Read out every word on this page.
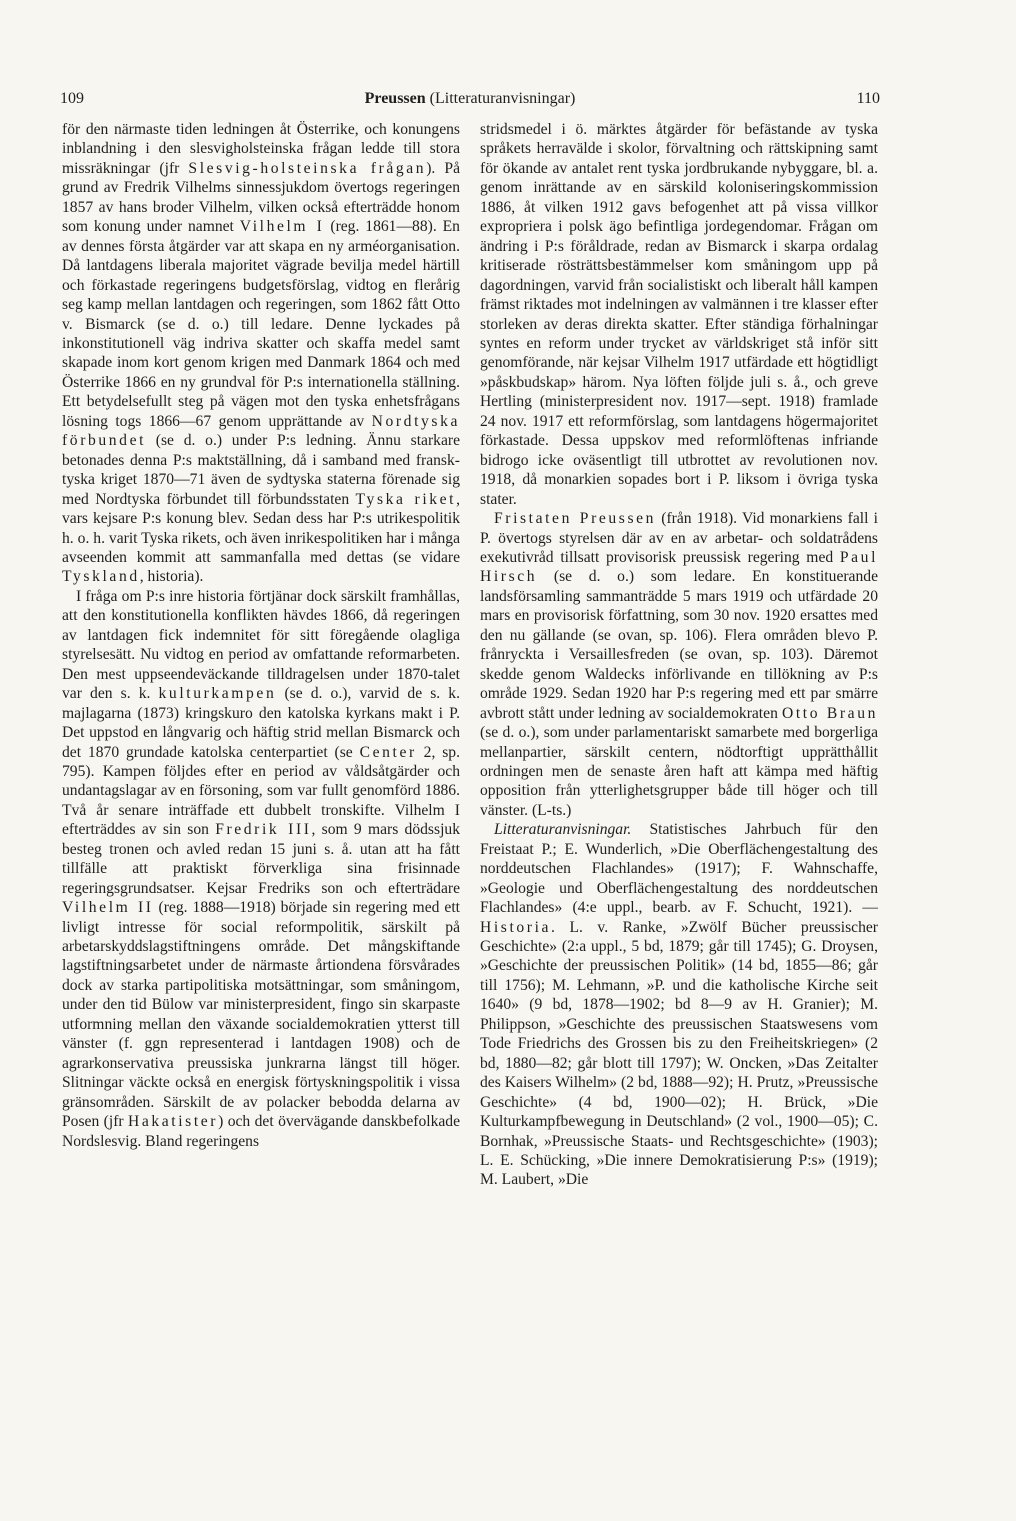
109	Preussen (Litteraturanvisningar)	110

för den närmaste tiden ledningen åt Österrike, och konungens inblandning i den slesvigholsteinska frågan ledde till stora missräkningar (jfr Slesvig-holsteinska frågan). På grund av Fredrik Vilhelms sinnessjukdom övertogs regeringen 1857 av hans broder Vilhelm, vilken också efterträdde honom som konung under namnet Vilhelm I (reg. 1861—88). En av dennes första åtgärder var att skapa en ny arméorganisation. Då lantdagens liberala majoritet vägrade bevilja medel härtill och förkastade regeringens budgetsförslag, vidtog en flerårig seg kamp mellan lantdagen och regeringen, som 1862 fått Otto v. Bismarck (se d. o.) till ledare. Denne lyckades på inkonstitutionell väg indriva skatter och skaffa medel samt skapade inom kort genom krigen med Danmark 1864 och med Österrike 1866 en ny grundval för P:s internationella ställning. Ett betydelsefullt steg på vägen mot den tyska enhetsfrågans lösning togs 1866—67 genom upprättande av Nordtyska förbundet (se d. o.) under P:s ledning. Ännu starkare betonades denna P:s maktställning, då i samband med fransk-tyska kriget 1870—71 även de sydtyska staterna förenade sig med Nordtyska förbundet till förbundsstaten Tyska riket, vars kejsare P:s konung blev. Sedan dess har P:s utrikespolitik h. o. h. varit Tyska rikets, och även inrikespolitiken har i många avseenden kommit att sammanfalla med dettas (se vidare Tyskland, historia).

I fråga om P:s inre historia förtjänar dock särskilt framhållas, att den konstitutionella konflikten hävdes 1866, då regeringen av lantdagen fick indemnitet för sitt föregående olagliga styrelsesätt. Nu vidtog en period av omfattande reformarbeten. Den mest uppseendeväckande tilldragelsen under 1870-talet var den s. k. kulturkampen (se d. o.), varvid de s. k. majlagarna (1873) kringskuro den katolska kyrkans makt i P. Det uppstod en långvarig och häftig strid mellan Bismarck och det 1870 grundade katolska centerpartiet (se Center 2, sp. 795). Kampen följdes efter en period av våldsåtgärder och undantagslagar av en försoning, som var fullt genomförd 1886. Två år senare inträffade ett dubbelt tronskifte. Vilhelm I efterträddes av sin son Fredrik III, som 9 mars dödssjuk besteg tronen och avled redan 15 juni s. å. utan att ha fått tillfälle att praktiskt förverkliga sina frisinnade regeringsgrundsatser. Kejsar Fredriks son och efterträdare Vilhelm II (reg. 1888—1918) började sin regering med ett livligt intresse för social reformpolitik, särskilt på arbetarskyddslagstiftningens område. Det mångskiftande lagstiftningsarbetet under de närmaste årtiondena försvårades dock av starka partipolitiska motsättningar, som småningom, under den tid Bülow var ministerpresident, fingo sin skarpaste utformning mellan den växande socialdemokratien ytterst till vänster (f. ggn representerad i lantdagen 1908) och de agrarkonservativa preussiska junkrarna längst till höger. Slitningar väckte också en energisk förtyskningspolitik i vissa gränsområden. Särskilt de av polacker bebodda delarna av Posen (jfr Hakatister) och det övervägande danskbefolkade Nordslesvig. Bland regeringens

stridsmedel i ö. märktes åtgärder för befästande av tyska språkets herravälde i skolor, förvaltning och rättskipning samt för ökande av antalet rent tyska jordbrukande nybyggare, bl. a. genom inrättande av en särskild koloniseringskommission 1886, åt vilken 1912 gavs befogenhet att på vissa villkor expropriera i polsk ägo befintliga jordegendomar. Frågan om ändring i P:s föråldrade, redan av Bismarck i skarpa ordalag kritiserade rösträttsbestämmelser kom småningom upp på dagordningen, varvid från socialistiskt och liberalt håll kampen främst riktades mot indelningen av valmännen i tre klasser efter storleken av deras direkta skatter. Efter ständiga förhalningar syntes en reform under trycket av världskriget stå inför sitt genomförande, när kejsar Vilhelm 1917 utfärdade ett högtidligt »påskbudskap» härom. Nya löften följde juli s. å., och greve Hertling (ministerpresident nov. 1917—sept. 1918) framlade 24 nov. 1917 ett reformförslag, som lantdagens högermajoritet förkastade. Dessa uppskov med reformlöftenas infriande bidrogo icke oväsentligt till utbrottet av revolutionen nov. 1918, då monarkien sopades bort i P. liksom i övriga tyska stater.

Fristaten Preussen (från 1918). Vid monarkiens fall i P. övertogs styrelsen där av en av arbetar- och soldatrådens exekutivråd tillsatt provisorisk preussisk regering med Paul Hirsch (se d. o.) som ledare. En konstituerande landsförsamling sammanträdde 5 mars 1919 och utfärdade 20 mars en provisorisk författning, som 30 nov. 1920 ersattes med den nu gällande (se ovan, sp. 106). Flera områden blevo P. frånryckta i Versaillesfreden (se ovan, sp. 103). Däremot skedde genom Waldecks införlivande en tillökning av P:s område 1929. Sedan 1920 har P:s regering med ett par smärre avbrott stått under ledning av socialdemokraten Otto Braun (se d. o.), som under parlamentariskt samarbete med borgerliga mellanpartier, särskilt centern, nödtorftigt upprätthållit ordningen men de senaste åren haft att kämpa med häftig opposition från ytterlighetsgrupper både till höger och till vänster. (L-ts.)

Litteraturanvisningar. Statistisches Jahrbuch für den Freistaat P.; E. Wunderlich, »Die Oberflächengestaltung des norddeutschen Flachlandes» (1917); F. Wahnschaffe, »Geologie und Oberflächengestaltung des norddeutschen Flachlandes» (4:e uppl., bearb. av F. Schucht, 1921). — Historia. L. v. Ranke, »Zwölf Bücher preussischer Geschichte» (2:a uppl., 5 bd, 1879; går till 1745); G. Droysen, »Geschichte der preussischen Politik» (14 bd, 1855—86; går till 1756); M. Lehmann, »P. und die katholische Kirche seit 1640» (9 bd, 1878—1902; bd 8—9 av H. Granier); M. Philippson, »Geschichte des preussischen Staatswesens vom Tode Friedrichs des Grossen bis zu den Freiheitskriegen» (2 bd, 1880—82; går blott till 1797); W. Oncken, »Das Zeitalter des Kaisers Wilhelm» (2 bd, 1888—92); H. Prutz, »Preussische Geschichte» (4 bd, 1900—02); H. Brück, »Die Kulturkampfbewegung in Deutschland» (2 vol., 1900—05); C. Bornhak, »Preussische Staats- und Rechtsgeschichte» (1903); L. E. Schücking, »Die innere Demokratisierung P:s» (1919); M. Laubert, »Die
